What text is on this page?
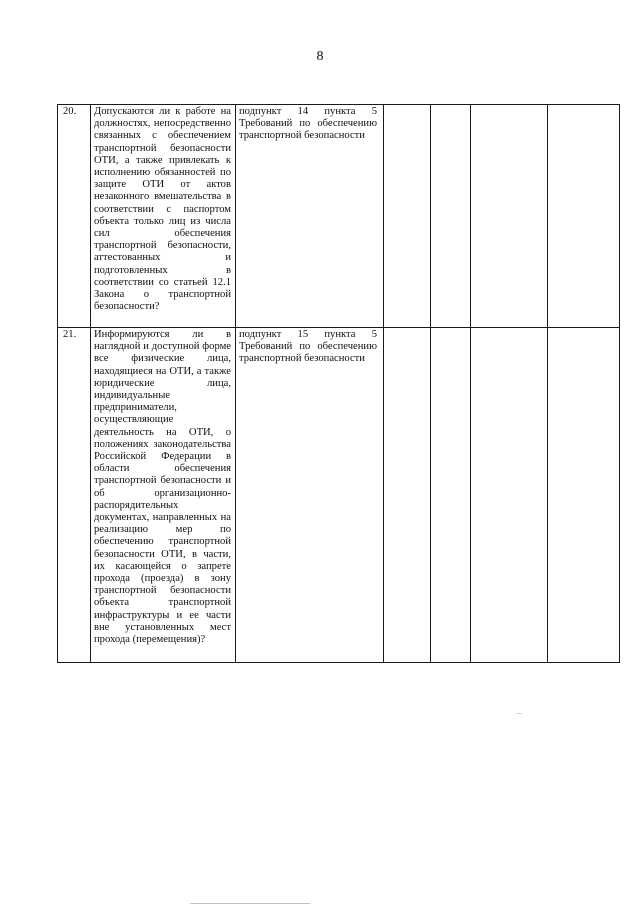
8
20.	Допускаются ли к работе на должностях, непосредственно связанных с обеспечением транспортной безопасности ОТИ, а также привлекать к исполнению обязанностей по защите ОТИ от актов незаконного вмешательства в соответствии с паспортом объекта только лиц из числа сил обеспечения транспортной безопасности, аттестованных и подготовленных в соответствии со статьей 12.1 Закона о транспортной безопасности?	подпункт 14 пункта 5
Требований по обеспечению транспортной безопасности				
21.	Информируются ли в наглядной и доступной форме все физические лица, находящиеся на ОТИ, а также юридические лица, индивидуальные предприниматели, осуществляющие деятельность на ОТИ, о положениях законодательства Российской Федерации в области обеспечения транспортной безопасности и об организационно-распорядительных документах, направленных на реализацию мер по обеспечению транспортной безопасности ОТИ, в части, их касающейся о запрете прохода (проезда) в зону транспортной безопасности объекта транспортной инфраструктуры и ее части вне установленных мест прохода (перемещения)?	подпункт 15 пункта 5
Требований по обеспечению транспортной безопасности				
